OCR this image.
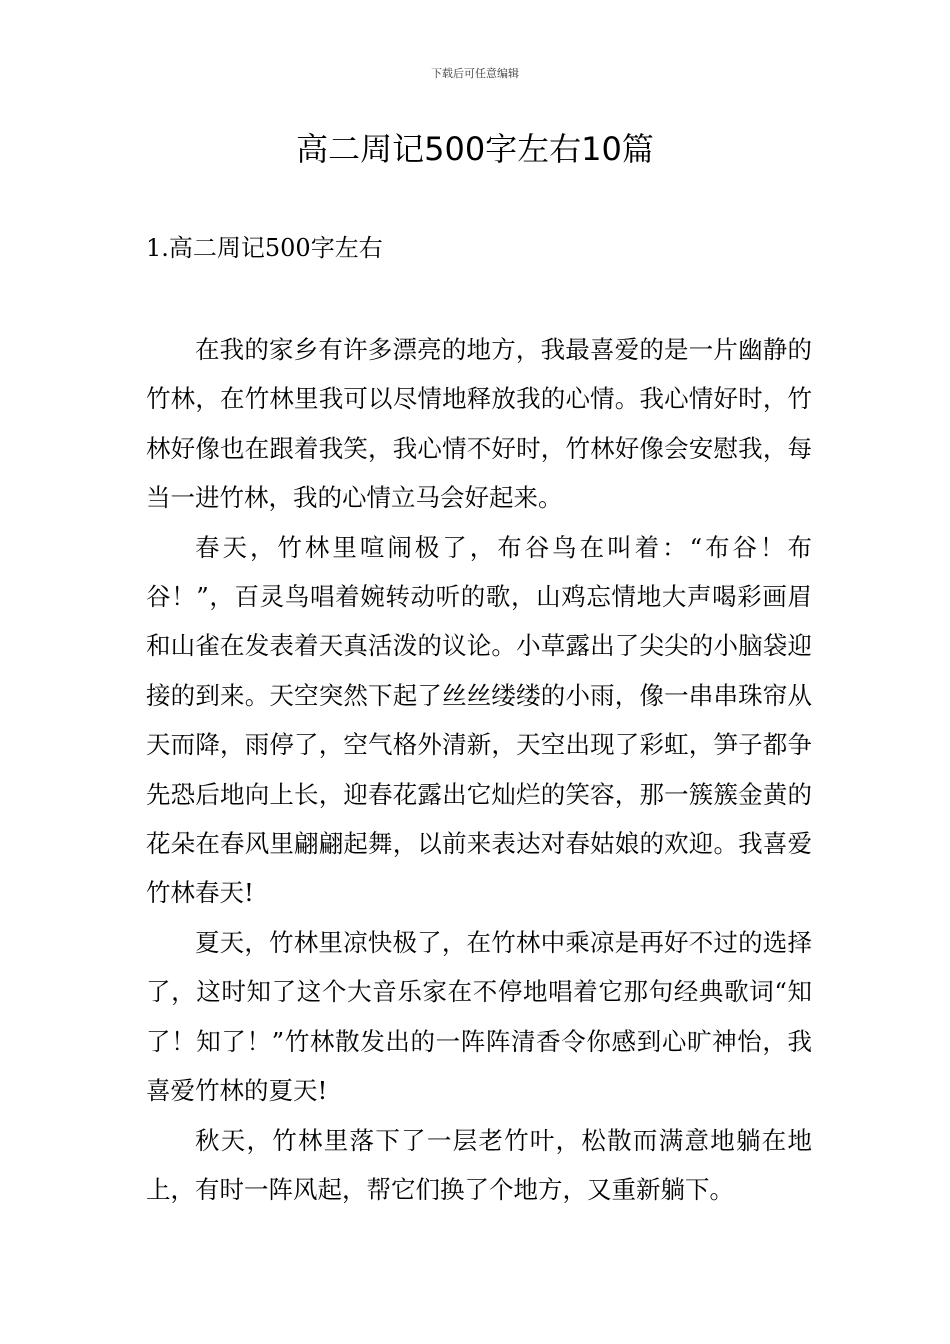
下载后可任意编辑
高二周记500字左右10篇
1.高二周记500字左右

在我的家乡有许多漂亮的地方，我最喜爱的是一片幽静的竹林，在竹林里我可以尽情地释放我的心情。我心情好时，竹林好像也在跟着我笑，我心情不好时，竹林好像会安慰我，每当一进竹林，我的心情立马会好起来。

春天，竹林里喧闹极了，布谷鸟在叫着：“布谷！布谷！”，百灵鸟唱着婉转动听的歌，山鸡忘情地大声喝彩画眉和山雀在发表着天真活泼的议论。小草露出了尖尖的小脑袋迎接的到来。天空突然下起了丝丝缕缕的小雨，像一串串珠帘从天而降，雨停了，空气格外清新，天空出现了彩虹，笋子都争先恐后地向上长，迎春花露出它灿烂的笑容，那一簇簇金黄的花朵在春风里翩翩起舞，以前来表达对春姑娘的欢迎。我喜爱竹林春天!

夏天，竹林里凉快极了，在竹林中乘凉是再好不过的选择了，这时知了这个大音乐家在不停地唱着它那句经典歌词“知了！知了！”竹林散发出的一阵阵清香令你感到心旷神怡，我喜爱竹林的夏天!

秋天，竹林里落下了一层老竹叶，松散而满意地躺在地上，有时一阵风起，帮它们换了个地方，又重新躺下。
